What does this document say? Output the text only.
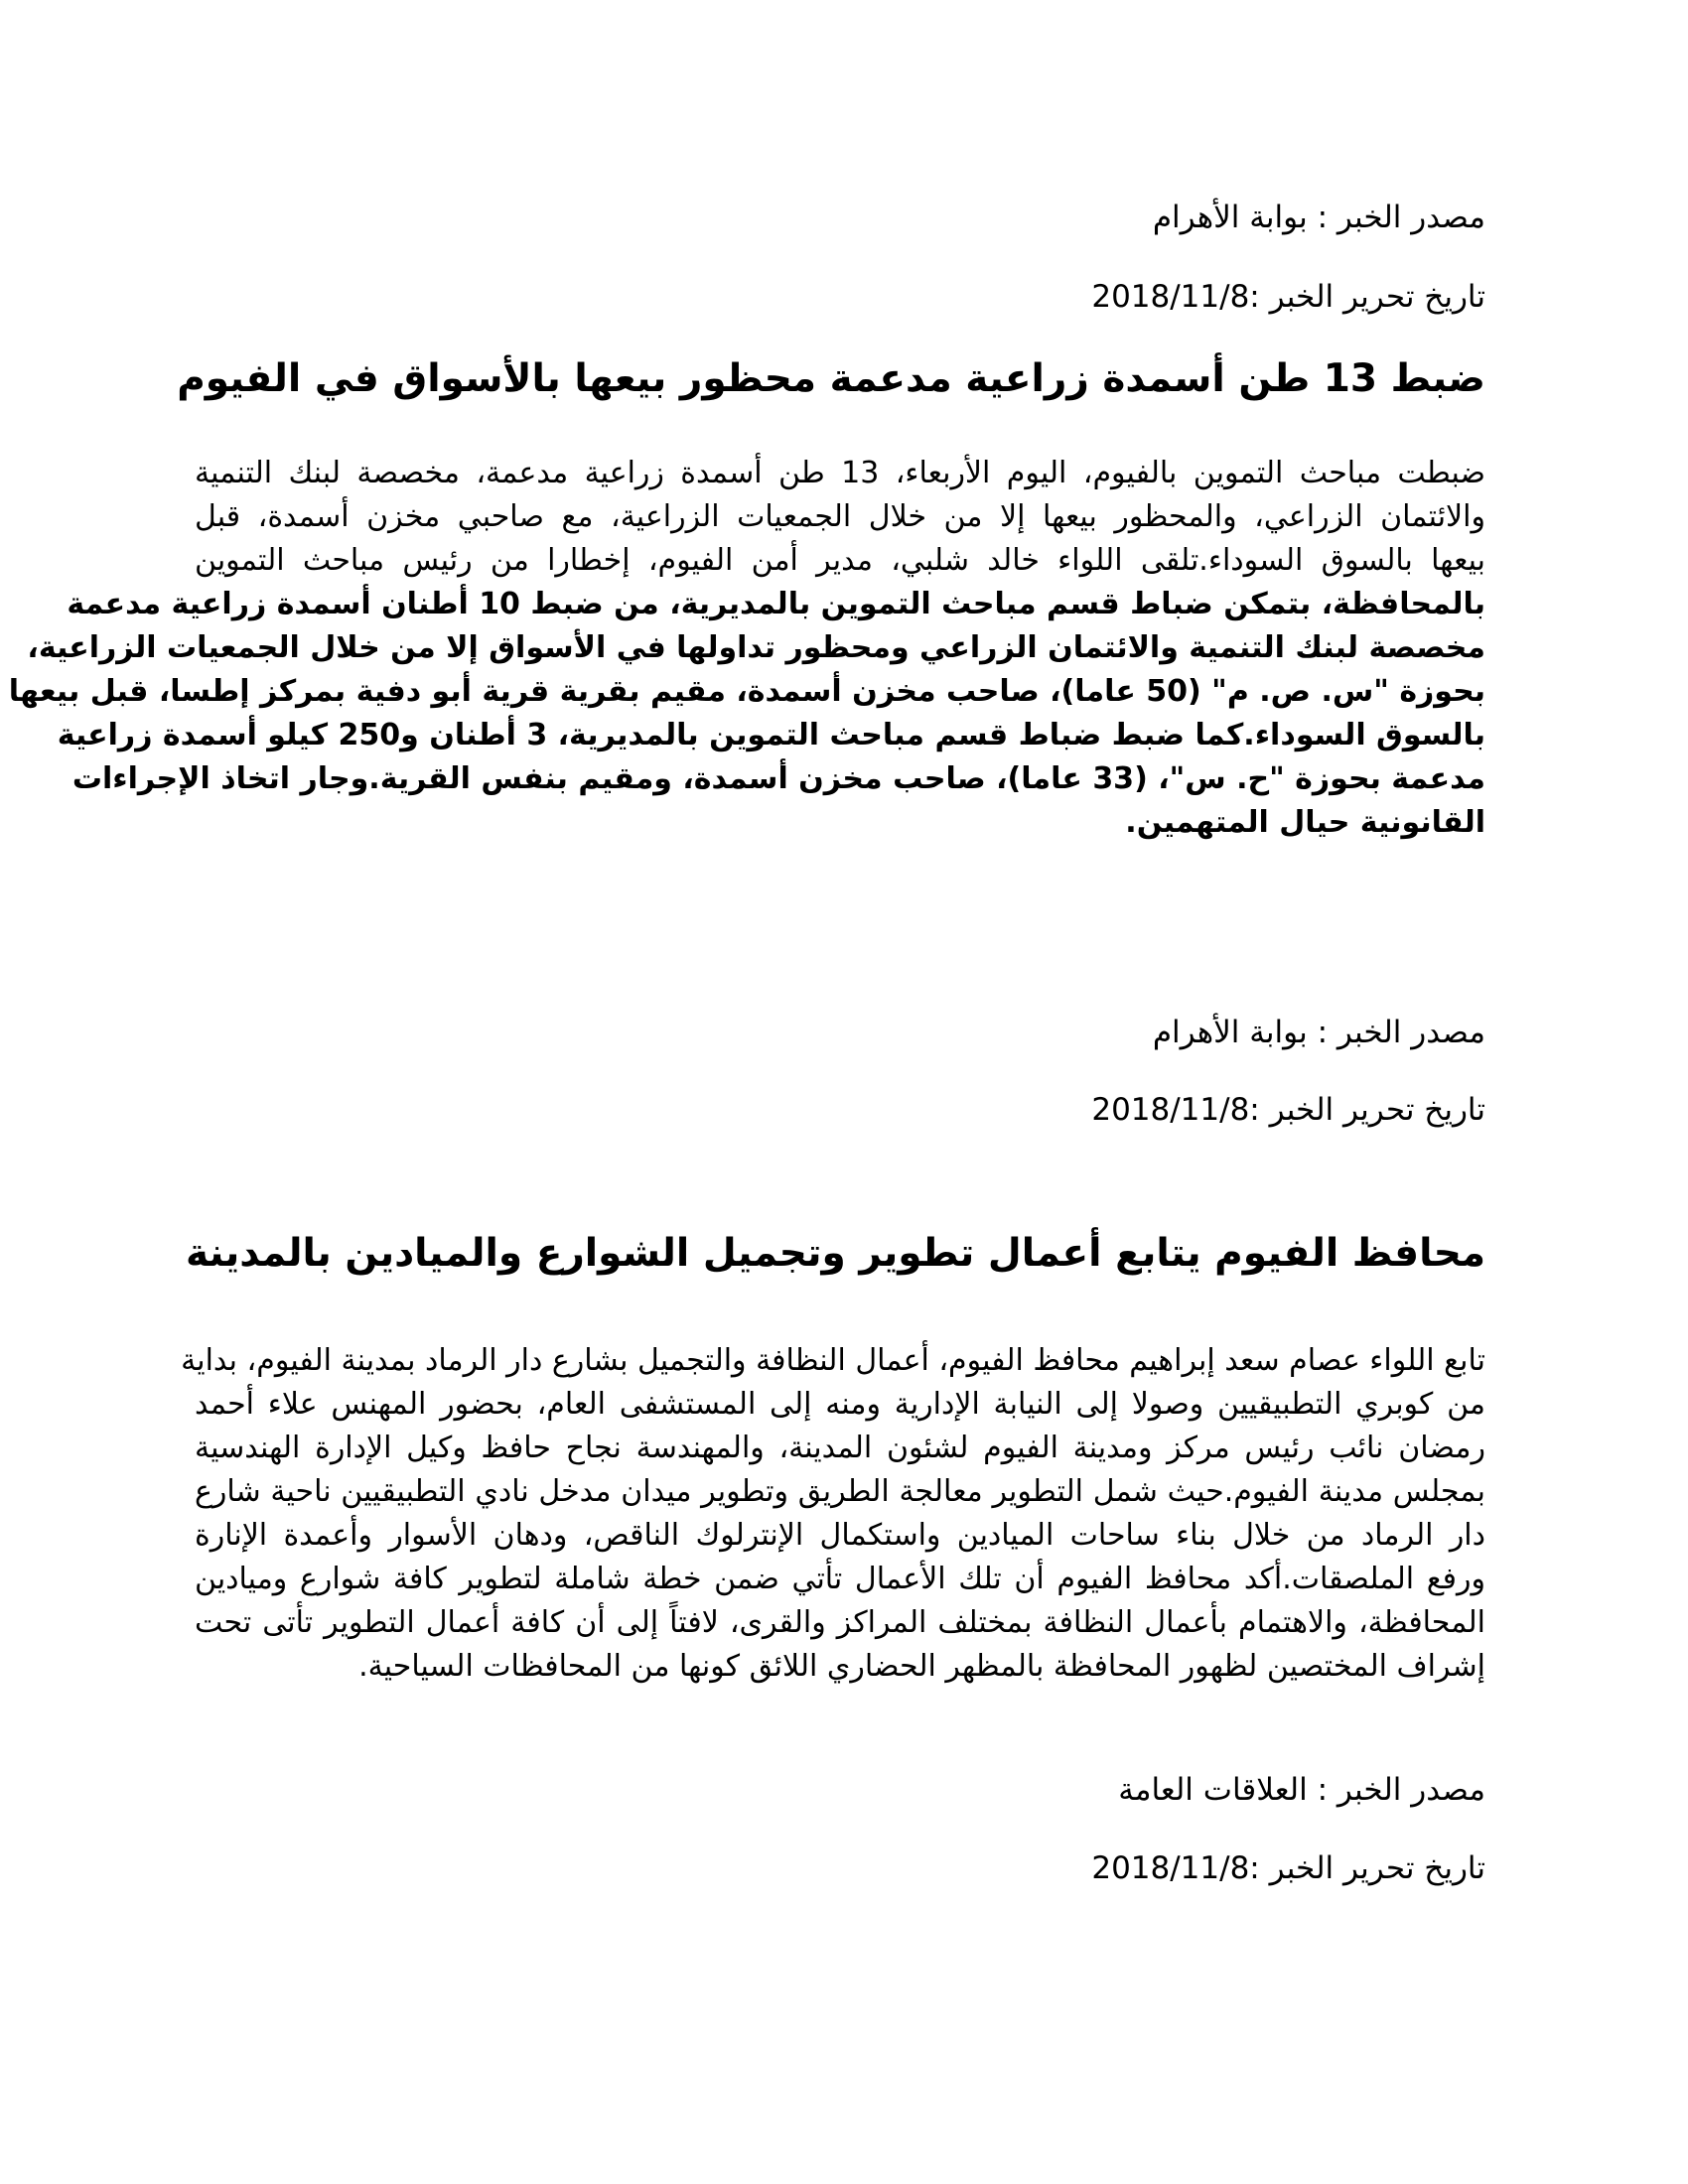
مصدر الخبر : بوابة الأهرام
تاريخ تحرير الخبر :2018/11/8
ضبط 13 طن أسمدة زراعية مدعمة محظور بيعها بالأسواق في الفيوم
ضبطت مباحث التموين بالفيوم، اليوم الأربعاء، 13 طن أسمدة زراعية مدعمة، مخصصة لبنك التنمية
والائتمان الزراعي، والمحظور بيعها إلا من خلال الجمعيات الزراعية، مع صاحبي مخزن أسمدة، قبل
بيعها بالسوق السوداء.تلقى اللواء خالد شلبي، مدير أمن الفيوم، إخطارا من رئيس مباحث التموين
بالمحافظة، بتمكن ضباط قسم مباحث التموين بالمديرية، من ضبط 10 أطنان أسمدة زراعية مدعمة
مخصصة لبنك التنمية والائتمان الزراعي ومحظور تداولها في الأسواق إلا من خلال الجمعيات الزراعية،
بحوزة "س. ص. م" (50 عاما)، صاحب مخزن أسمدة، مقيم بقرية قرية أبو دفية بمركز إطسا، قبل بيعها
بالسوق السوداء.كما ضبط ضباط قسم مباحث التموين بالمديرية، 3 أطنان و250 كيلو أسمدة زراعية
مدعمة بحوزة "ح. س"، (33 عاما)، صاحب مخزن أسمدة، ومقيم بنفس القرية.وجار اتخاذ الإجراءات
القانونية حيال المتهمين.
مصدر الخبر : بوابة الأهرام
تاريخ تحرير الخبر :2018/11/8
محافظ الفيوم يتابع أعمال تطوير وتجميل الشوارع والميادين بالمدينة
تابع اللواء عصام سعد إبراهيم محافظ الفيوم، أعمال النظافة والتجميل بشارع دار الرماد بمدينة الفيوم، بداية
من كوبري التطبيقيين وصولا إلى النيابة الإدارية ومنه إلى المستشفى العام، بحضور المهنس علاء أحمد
رمضان نائب رئيس مركز ومدينة الفيوم لشئون المدينة، والمهندسة نجاح حافظ وكيل الإدارة الهندسية
بمجلس مدينة الفيوم.حيث شمل التطوير معالجة الطريق وتطوير ميدان مدخل نادي التطبيقيين ناحية شارع
دار الرماد من خلال بناء ساحات الميادين واستكمال الإنترلوك الناقص، ودهان الأسوار وأعمدة الإنارة
ورفع الملصقات.أكد محافظ الفيوم أن تلك الأعمال تأتي ضمن خطة شاملة لتطوير كافة شوارع وميادين
المحافظة، والاهتمام بأعمال النظافة بمختلف المراكز والقرى، لافتاً إلى أن كافة أعمال التطوير تأتى تحت
إشراف المختصين لظهور المحافظة بالمظهر الحضاري اللائق كونها من المحافظات السياحية.
مصدر الخبر : العلاقات العامة
تاريخ تحرير الخبر :2018/11/8
